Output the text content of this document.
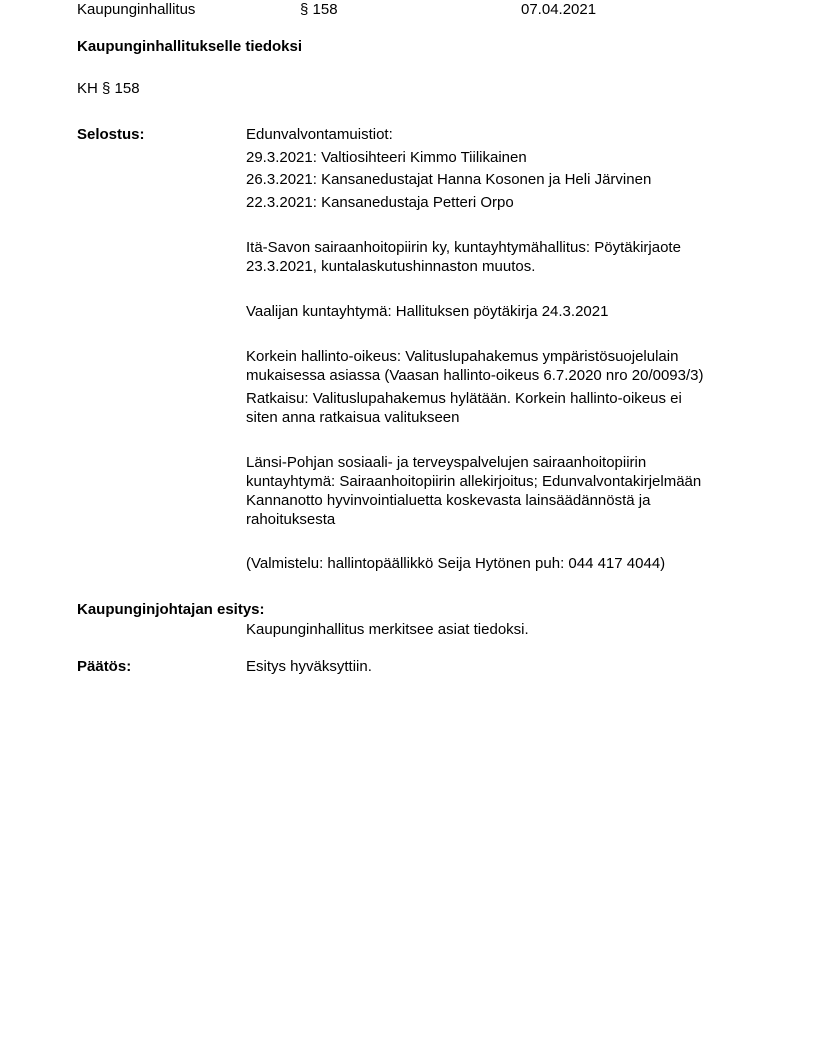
Kaupunginhallitus	§ 158	07.04.2021
Kaupunginhallitukselle tiedoksi
KH § 158
Selostus:	Edunvalvontamuistiot:
29.3.2021: Valtiosihteeri Kimmo Tiilikainen
26.3.2021: Kansanedustajat Hanna Kosonen ja Heli Järvinen
22.3.2021: Kansanedustaja Petteri Orpo
Itä-Savon sairaanhoitopiirin ky, kuntayhtymähallitus: Pöytäkirjaote
23.3.2021, kuntalaskutushinnaston muutos.
Vaalijan kuntayhtymä: Hallituksen pöytäkirja 24.3.2021
Korkein hallinto-oikeus: Valituslupahakemus ympäristösuojelulain
mukaisessa asiassa (Vaasan hallinto-oikeus 6.7.2020 nro 20/0093/3)
Ratkaisu: Valituslupahakemus hylätään. Korkein hallinto-oikeus ei
siten anna ratkaisua valitukseen
Länsi-Pohjan sosiaali- ja terveyspalvelujen sairaanhoitopiirin
kuntayhtymä: Sairaanhoitopiirin allekirjoitus; Edunvalvontakirjelmään
Kannanotto hyvinvointialuetta koskevasta lainsäädännöstä ja
rahoituksesta
(Valmistelu: hallintopäällikkö Seija Hytönen puh: 044 417 4044)
Kaupunginjohtajan esitys:
Kaupunginhallitus merkitsee asiat tiedoksi.
Päätös:	Esitys hyväksyttiin.
